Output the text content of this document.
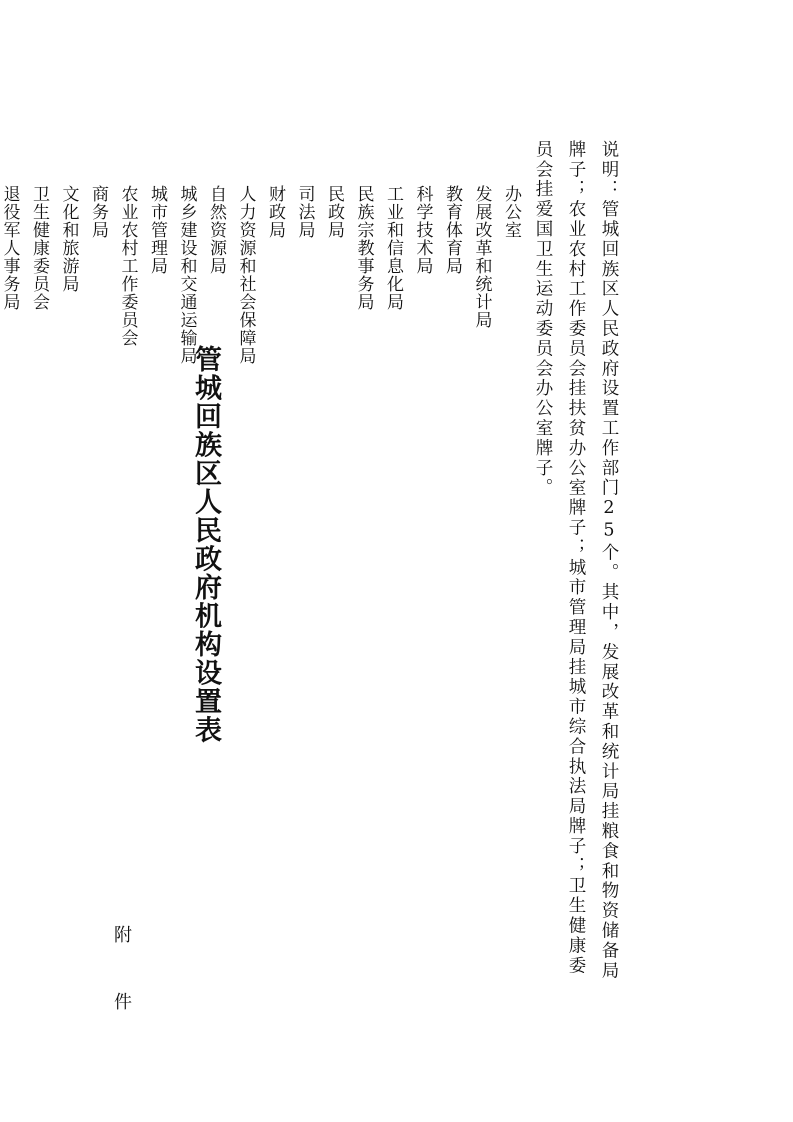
附 件
管城回族区人民政府机构设置表
办公室
发展改革和统计局
教育体育局
科学技术局
工业和信息化局
民族宗教事务局
民政局
司法局
财政局
人力资源和社会保障局
自然资源局
城乡建设和交通运输局
城市管理局
农业农村工作委员会
商务局
文化和旅游局
卫生健康委员会
退役军人事务局	说明：管城回族区人民政府设置工作部门25个。其中，发展改革和统计局挂粮食和物资储备局牌子；农业农村工作委员会挂扶贫办公室牌子；城市管理局挂城市综合执法局牌子；卫生健康委员会挂爱国卫生运动委员会办公室牌子。
